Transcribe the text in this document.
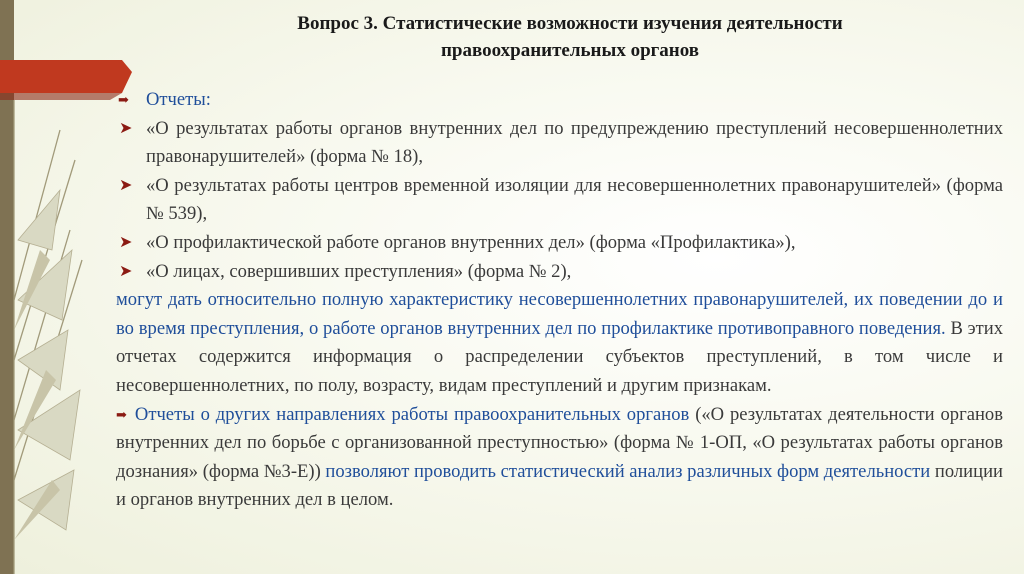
Вопрос 3. Статистические возможности изучения деятельности
правоохранительных органов
➡ Отчеты:
➤ «О результатах работы органов внутренних дел по предупреждению преступлений несовершеннолетних правонарушителей» (форма № 18),
➤ «О результатах работы центров временной изоляции для несовершеннолетних правонарушителей» (форма № 539),
➤ «О профилактической работе органов внутренних дел» (форма «Профилактика»),
➤ «О лицах, совершивших преступления» (форма № 2),

могут дать относительно полную характеристику несовершеннолетних правонарушителей, их поведении до и во время преступления, о работе органов внутренних дел по профилактике противоправного поведения. В этих отчетах содержится информация о распределении субъектов преступлений, в том числе и несовершеннолетних, по полу, возрасту, видам преступлений и другим признакам.

➡ Отчеты о других направлениях работы правоохранительных органов («О результатах деятельности органов внутренних дел по борьбе с организованной преступностью» (форма № 1-ОП, «О результатах работы органов дознания» (форма №3-Е)) позволяют проводить статистический анализ различных форм деятельности полиции и органов внутренних дел в целом.
